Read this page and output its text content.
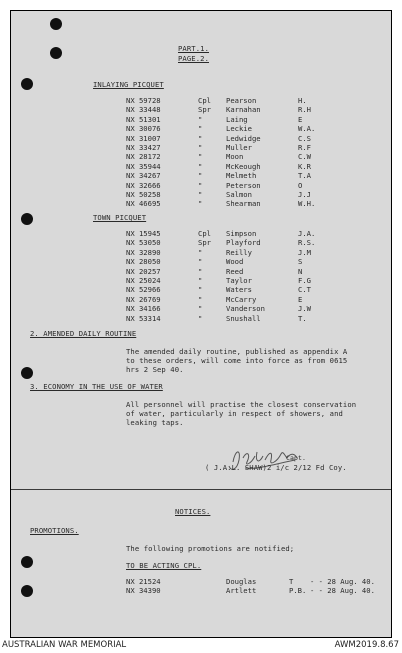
PART.1.
PAGE.2.
INLAYING PICQUET
NX 59728	Cpl Pearson	H.
NX 33448	Spr Karnahan	R.H
NX 51301	"	Laing	E
NX 30076	"	Leckie	W.A.
NX 31007	"	Ledwidge	C.S
NX 33427	"	Muller	R.F
NX 28172	"	Moon	C.W
NX 35944	"	McKeough	K.R
NX 34267	"	Melmeth	T.A
NX 32666	"	Peterson	O
NX 50258	"	Salmon	J.J
NX 46695	"	Shearman	W.H.
TOWN PICQUET
NX 15945	Cpl Simpson	J.A.
NX 53050	Spr Playford	R.S.
NX 32890	"	Reilly	J.M
NX 28050	"	Wood	S
NX 20257	"	Reed	N
NX 25024	"	Taylor	F.G
NX 52966	"	Waters	C.T
NX 26769	"	McCarry	E
NX 34166	"	Vanderson	J.W
NX 53314	"	Snushall	T.
2. AMENDED DAILY ROUTINE
The amended daily routine, published as appendix A
to these orders, will come into force as from 0615
hrs 2 Sep 40.
3. ECONOMY IN THE USE OF WATER
All personnel will practise the closest conservation
of water, particularly in respect of showers, and
leaking taps.
Capt.
( J.A.L. SHAW)2 i/c 2/12 Fd Coy.
NOTICES.
PROMOTIONS.
The following promotions are notified;
TO BE ACTING CPL.
NX 21524	Douglas	T - - 28 Aug. 40.
NX 34390	Artlett	P.B. - - 28 Aug. 40.
AUSTRALIAN WAR MEMORIAL	AWM2019.8.67
